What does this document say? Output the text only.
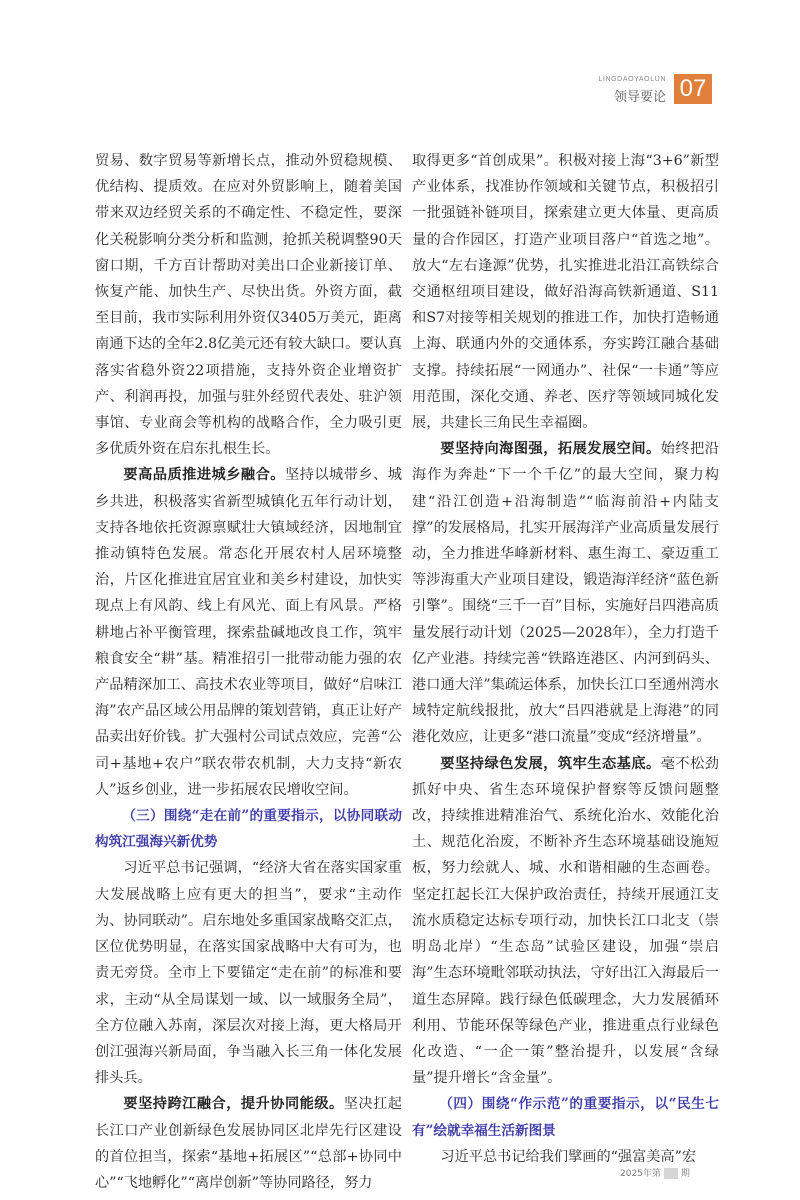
LINGDAOYAOLUN
领导要论 07

贸易、数字贸易等新增长点，推动外贸稳规模、优结构、提质效。在应对外贸影响上，随着美国带来双边经贸关系的不确定性、不稳定性，要深化关税影响分类分析和监测，抢抓关税调整90天窗口期，千方百计帮助对美出口企业新接订单、恢复产能、加快生产、尽快出货。外资方面，截至目前，我市实际利用外资仅3405万美元，距离南通下达的全年2.8亿美元还有较大缺口。要认真落实省稳外资22项措施，支持外资企业增资扩产、利润再投，加强与驻外经贸代表处、驻沪领事馆、专业商会等机构的战略合作，全力吸引更多优质外资在启东扎根生长。

要高品质推进城乡融合。坚持以城带乡、城乡共进，积极落实省新型城镇化五年行动计划，支持各地依托资源禀赋壮大镇域经济，因地制宜推动镇特色发展。常态化开展农村人居环境整治，片区化推进宜居宜业和美乡村建设，加快实现点上有风韵、线上有风光、面上有风景。严格耕地占补平衡管理，探索盐碱地改良工作，筑牢粮食安全“耕”基。精准招引一批带动能力强的农产品精深加工、高技术农业等项目，做好“启味江海”农产品区域公用品牌的策划营销，真正让好产品卖出好价钱。扩大强村公司试点效应，完善“公司+基地+农户”联农带农机制，大力支持“新农人”返乡创业，进一步拓展农民增收空间。

（三）围绕“走在前”的重要指示，以协同联动构筑江强海兴新优势

习近平总书记强调，“经济大省在落实国家重大发展战略上应有更大的担当”，要求“主动作为、协同联动”。启东地处多重国家战略交汇点，区位优势明显，在落实国家战略中大有可为，也责无旁贷。全市上下要锚定“走在前”的标准和要求，主动“从全局谋划一域、以一域服务全局”，全方位融入苏南，深层次对接上海，更大格局开创江强海兴新局面，争当融入长三角一体化发展排头兵。

要坚持跨江融合，提升协同能级。坚决扛起长江口产业创新绿色发展协同区北岸先行区建设的首位担当，探索“基地+拓展区”“总部+协同中心”“飞地孵化”“离岸创新”等协同路径，努力

取得更多“首创成果”。积极对接上海“3+6”新型产业体系，找准协作领域和关键节点，积极招引一批强链补链项目，探索建立更大体量、更高质量的合作园区，打造产业项目落户“首选之地”。放大“左右逢源”优势，扎实推进北沿江高铁综合交通枢纽项目建设，做好沿海高铁新通道、S11和S7对接等相关规划的推进工作，加快打造畅通上海、联通内外的交通体系，夯实跨江融合基础支撑。持续拓展“一网通办”、社保“一卡通”等应用范围，深化交通、养老、医疗等领域同城化发展，共建长三角民生幸福圈。

要坚持向海图强，拓展发展空间。始终把沿海作为奔赴“下一个千亿”的最大空间，聚力构建“沿江创造+沿海制造”“临海前沿+内陆支撑”的发展格局，扎实开展海洋产业高质量发展行动，全力推进华峰新材料、惠生海工、豪迈重工等涉海重大产业项目建设，锻造海洋经济“蓝色新引擎”。围绕“三千一百”目标，实施好吕四港高质量发展行动计划（2025—2028年），全力打造千亿产业港。持续完善“铁路连港区、内河到码头、港口通大洋”集疏运体系，加快长江口至通州湾水域特定航线报批，放大“吕四港就是上海港”的同港化效应，让更多“港口流量”变成“经济增量”。

要坚持绿色发展，筑牢生态基底。毫不松劲抓好中央、省生态环境保护督察等反馈问题整改，持续推进精准治气、系统化治水、效能化治土、规范化治废，不断补齐生态环境基础设施短板，努力绘就人、城、水和谐相融的生态画卷。坚定扛起长江大保护政治责任，持续开展通江支流水质稳定达标专项行动，加快长江口北支（崇明岛北岸）“生态岛”试验区建设，加强“崇启海”生态环境毗邻联动执法，守好出江入海最后一道生态屏障。践行绿色低碳理念，大力发展循环利用、节能环保等绿色产业，推进重点行业绿色化改造、“一企一策”整治提升，以发展“含绿量”提升增长“含金量”。

（四）围绕“作示范”的重要指示，以“民生七有”绘就幸福生活新图景

习近平总书记给我们擘画的“强富美高”宏

2025年第 05 期
